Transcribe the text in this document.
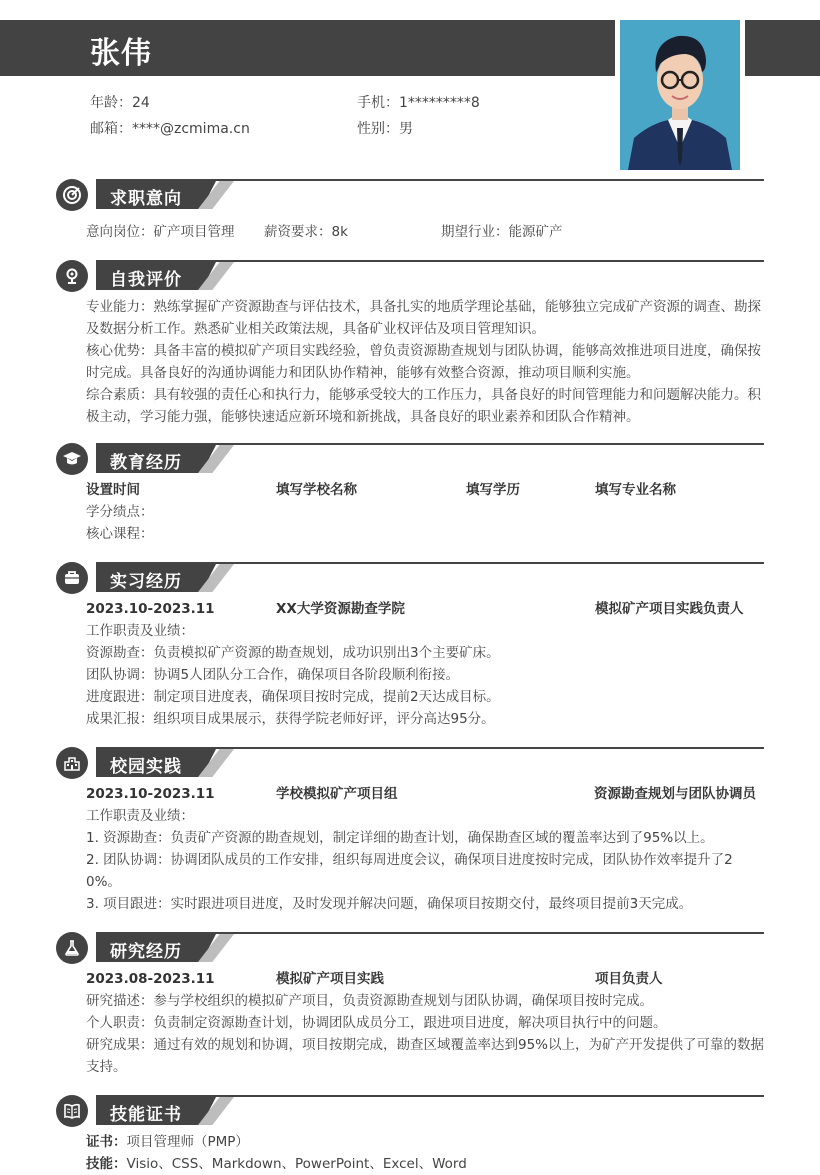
张伟
年龄：24	手机：1*********8
邮箱：****@zcmima.cn	性别：男
求职意向
意向岗位：矿产项目管理 薪资要求：8k	期望行业：能源矿产
自我评价

专业能力：熟练掌握矿产资源勘查与评估技术，具备扎实的地质学理论基础，能够独立完成矿产资源的调查、勘探及数据分析工作。熟悉矿业相关政策法规，具备矿业权评估及项目管理知识。

核心优势：具备丰富的模拟矿产项目实践经验，曾负责资源勘查规划与团队协调，能够高效推进项目进度，确保按时完成。具备良好的沟通协调能力和团队协作精神，能够有效整合资源，推动项目顺利实施。

综合素质：具有较强的责任心和执行力，能够承受较大的工作压力，具备良好的时间管理能力和问题解决能力。积极主动，学习能力强，能够快速适应新环境和新挑战，具备良好的职业素养和团队合作精神。

教育经历
设置时间	填写学校名称	填写学历	填写专业名称

学分绩点：

核心课程：

实习经历
2023.10-2023.11	XX大学资源勘查学院	模拟矿产项目实践负责人

工作职责及业绩：

资源勘查：负责模拟矿产资源的勘查规划，成功识别出3个主要矿床。

团队协调：协调5人团队分工合作，确保项目各阶段顺利衔接。

进度跟进：制定项目进度表，确保项目按时完成，提前2天达成目标。

成果汇报：组织项目成果展示，获得学院老师好评，评分高达95分。

校园实践
2023.10-2023.11	学校模拟矿产项目组	资源勘查规划与团队协调员

工作职责及业绩：

1. 资源勘查：负责矿产资源的勘查规划，制定详细的勘查计划，确保勘查区域的覆盖率达到了95%以上。

2. 团队协调：协调团队成员的工作安排，组织每周进度会议，确保项目进度按时完成，团队协作效率提升了20%。

3. 项目跟进：实时跟进项目进度，及时发现并解决问题，确保项目按期交付，最终项目提前3天完成。

研究经历
2023.08-2023.11	模拟矿产项目实践	项目负责人

研究描述：参与学校组织的模拟矿产项目，负责资源勘查规划与团队协调，确保项目按时完成。

个人职责：负责制定资源勘查计划，协调团队成员分工，跟进项目进度，解决项目执行中的问题。

研究成果：通过有效的规划和协调，项目按期完成，勘查区域覆盖率达到95%以上，为矿产开发提供了可靠的数据支持。

技能证书

证书：项目管理师（PMP）

技能：Visio、CSS、Markdown、PowerPoint、Excel、Word
